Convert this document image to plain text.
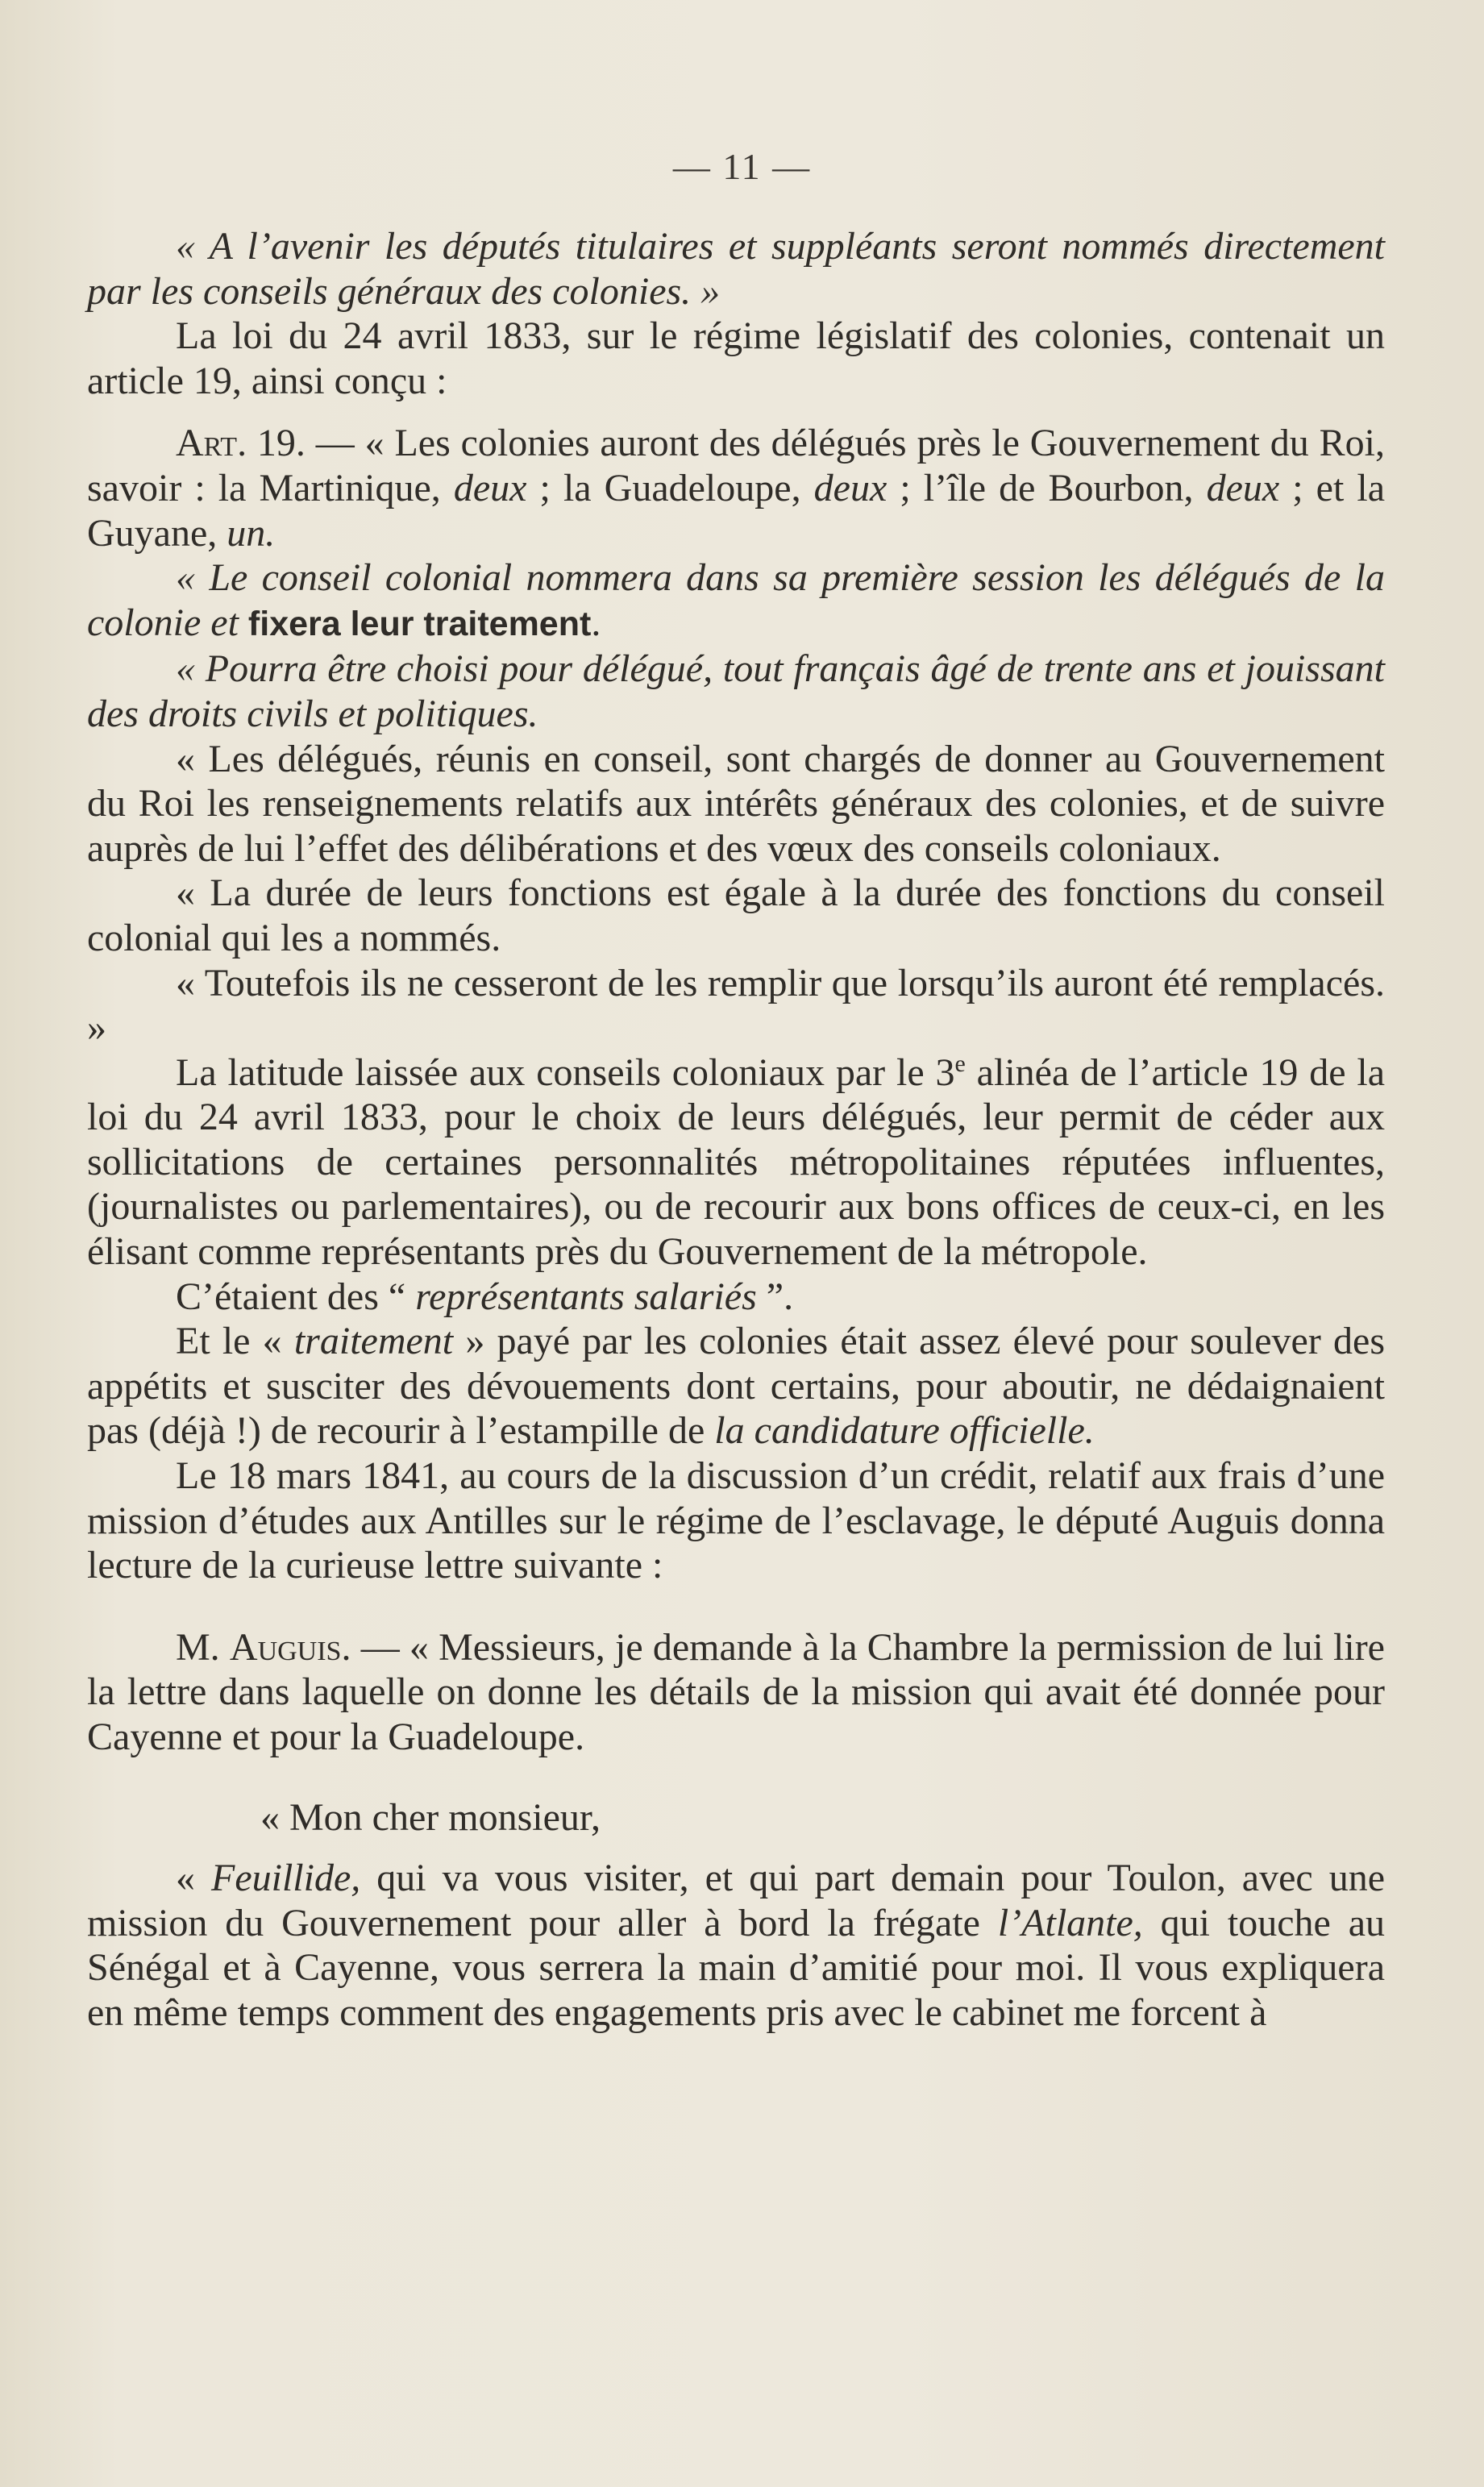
— 11 —

« A l’avenir les députés titulaires et suppléants seront nommés directement par les conseils généraux des colonies. »

La loi du 24 avril 1833, sur le régime législatif des colonies, contenait un article 19, ainsi conçu :

Art. 19. — « Les colonies auront des délégués près le Gouvernement du Roi, savoir : la Martinique, deux ; la Guadeloupe, deux ; l’île de Bourbon, deux ; et la Guyane, un.

« Le conseil colonial nommera dans sa première session les délégués de la colonie et fixera leur traitement.

« Pourra être choisi pour délégué, tout français âgé de trente ans et jouissant des droits civils et politiques.

« Les délégués, réunis en conseil, sont chargés de donner au Gouvernement du Roi les renseignements relatifs aux intérêts généraux des colonies, et de suivre auprès de lui l’effet des délibérations et des vœux des conseils coloniaux.

« La durée de leurs fonctions est égale à la durée des fonctions du conseil colonial qui les a nommés.

« Toutefois ils ne cesseront de les remplir que lorsqu’ils auront été remplacés. »

La latitude laissée aux conseils coloniaux par le 3e alinéa de l’article 19 de la loi du 24 avril 1833, pour le choix de leurs délégués, leur permit de céder aux sollicitations de certaines personnalités métropolitaines réputées influentes, (journalistes ou parlementaires), ou de recourir aux bons offices de ceux-ci, en les élisant comme représentants près du Gouvernement de la métropole.

C’étaient des “ représentants salariés ”.

Et le « traitement » payé par les colonies était assez élevé pour soulever des appétits et susciter des dévouements dont certains, pour aboutir, ne dédaignaient pas (déjà !) de recourir à l’estampille de la candidature officielle.

Le 18 mars 1841, au cours de la discussion d’un crédit, relatif aux frais d’une mission d’études aux Antilles sur le régime de l’esclavage, le député Auguis donna lecture de la curieuse lettre suivante :

M. Auguis. — « Messieurs, je demande à la Chambre la permission de lui lire la lettre dans laquelle on donne les détails de la mission qui avait été donnée pour Cayenne et pour la Guadeloupe.

« Mon cher monsieur,

« Feuillide, qui va vous visiter, et qui part demain pour Toulon, avec une mission du Gouvernement pour aller à bord la frégate l’Atlante, qui touche au Sénégal et à Cayenne, vous serrera la main d’amitié pour moi. Il vous expliquera en même temps comment des engagements pris avec le cabinet me forcent à
